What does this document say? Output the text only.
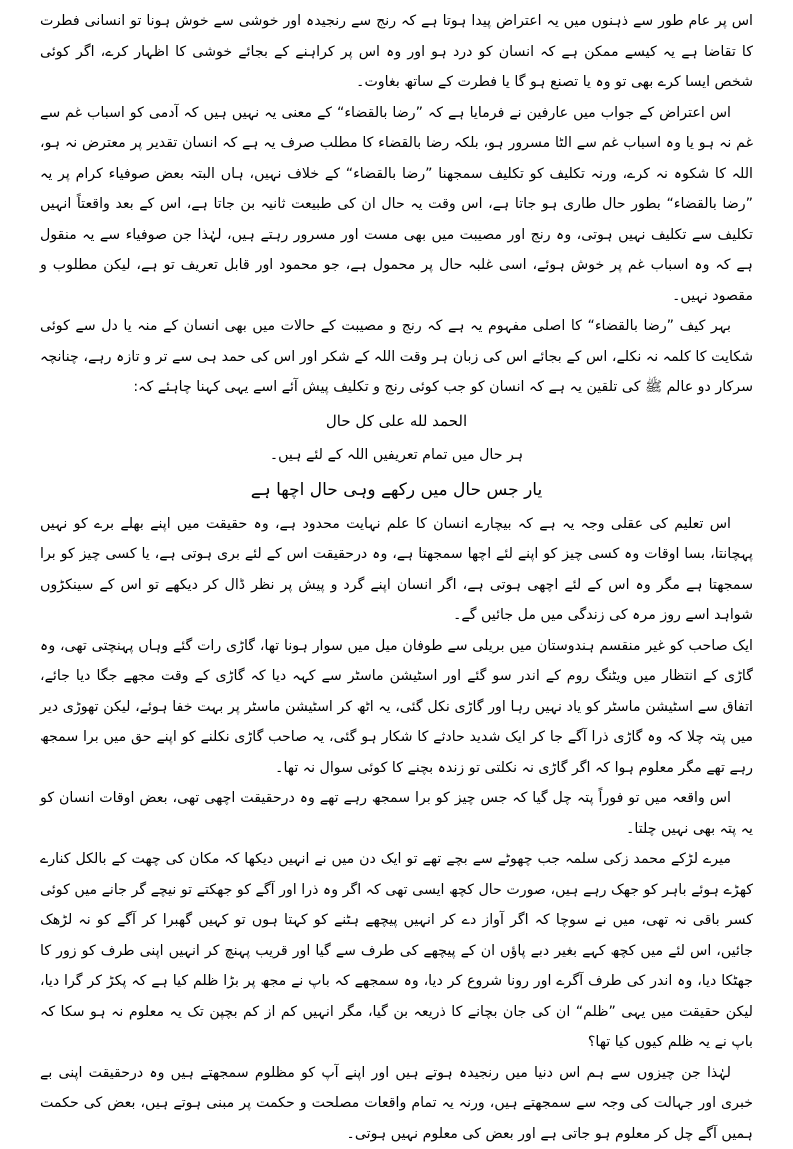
اس پر عام طور سے ذہنوں میں یہ اعتراض پیدا ہوتا ہے کہ رنج سے رنجیدہ اور خوشی سے خوش ہونا تو انسانی فطرت کا تقاضا ہے یہ کیسے ممکن ہے کہ انسان کو درد ہو اور وہ اس پر کراہنے کے بجائے خوشی کا اظہار کرے، اگر کوئی شخص ایسا کرے بھی تو وہ یا تصنع ہو گا یا فطرت کے ساتھ بغاوت۔

اس اعتراض کے جواب میں عارفین نے فرمایا ہے کہ ”رضا بالقضاء“ کے معنی یہ نہیں ہیں کہ آدمی کو اسباب غم سے غم نہ ہو یا وہ اسباب غم سے الٹا مسرور ہو، بلکہ رضا بالقضاء کا مطلب صرف یہ ہے کہ انسان تقدیر پر معترض نہ ہو، اللہ کا شکوہ نہ کرے، ورنہ تکلیف کو تکلیف سمجھنا ”رضا بالقضاء“ کے خلاف نہیں، ہاں البتہ بعض صوفیاء کرام پر یہ ”رضا بالقضاء“ بطور حال طاری ہو جاتا ہے، اس وقت یہ حال ان کی طبیعت ثانیہ بن جاتا ہے، اس کے بعد واقعتاً انہیں تکلیف سے تکلیف نہیں ہوتی، وہ رنج اور مصیبت میں بھی مست اور مسرور رہتے ہیں، لہٰذا جن صوفیاء سے یہ منقول ہے کہ وہ اسباب غم پر خوش ہوئے، اسی غلبہ حال پر محمول ہے، جو محمود اور قابل تعریف تو ہے، لیکن مطلوب و مقصود نہیں۔

بہر کیف ”رضا بالقضاء“ کا اصلی مفہوم یہ ہے کہ رنج و مصیبت کے حالات میں بھی انسان کے منہ یا دل سے کوئی شکایت کا کلمہ نہ نکلے، اس کے بجائے اس کی زبان ہر وقت اللہ کے شکر اور اس کی حمد ہی سے تر و تازہ رہے، چنانچہ سرکار دو عالم ﷺ کی تلقین یہ ہے کہ انسان کو جب کوئی رنج و تکلیف پیش آئے اسے یہی کہنا چاہئے کہ:

الحمد لله على كل حال

ہر حال میں تمام تعریفیں اللہ کے لئے ہیں۔

یار جس حال میں رکھے وہی حال اچھا ہے

اس تعلیم کی عقلی وجہ یہ ہے کہ بیچارے انسان کا علم نہایت محدود ہے، وہ حقیقت میں اپنے بھلے برے کو نہیں پہچانتا، بسا اوقات وہ کسی چیز کو اپنے لئے اچھا سمجھتا ہے، وہ درحقیقت اس کے لئے بری ہوتی ہے، یا کسی چیز کو برا سمجھتا ہے مگر وہ اس کے لئے اچھی ہوتی ہے، اگر انسان اپنے گرد و پیش پر نظر ڈال کر دیکھے تو اس کے سینکڑوں شواہد اسے روز مرہ کی زندگی میں مل جائیں گے۔

ایک صاحب کو غیر منقسم ہندوستان میں بریلی سے طوفان میل میں سوار ہونا تھا، گاڑی رات گئے وہاں پہنچتی تھی، وہ گاڑی کے انتظار میں ویٹنگ روم کے اندر سو گئے اور اسٹیشن ماسٹر سے کہہ دیا کہ گاڑی کے وقت مجھے جگا دیا جائے، اتفاق سے اسٹیشن ماسٹر کو یاد نہیں رہا اور گاڑی نکل گئی، یہ اٹھ کر اسٹیشن ماسٹر پر بہت خفا ہوئے، لیکن تھوڑی دیر میں پتہ چلا کہ وہ گاڑی ذرا آگے جا کر ایک شدید حادثے کا شکار ہو گئی، یہ صاحب گاڑی نکلنے کو اپنے حق میں برا سمجھ رہے تھے مگر معلوم ہوا کہ اگر گاڑی نہ نکلتی تو زندہ بچنے کا کوئی سوال نہ تھا۔

اس واقعہ میں تو فوراً پتہ چل گیا کہ جس چیز کو برا سمجھ رہے تھے وہ درحقیقت اچھی تھی، بعض اوقات انسان کو یہ پتہ بھی نہیں چلتا۔

میرے لڑکے محمد زکی سلمہ جب چھوٹے سے بچے تھے تو ایک دن میں نے انہیں دیکھا کہ مکان کی چھت کے بالکل کنارے کھڑے ہوئے باہر کو جھک رہے ہیں، صورت حال کچھ ایسی تھی کہ اگر وہ ذرا اور آگے کو جھکتے تو نیچے گر جانے میں کوئی کسر باقی نہ تھی، میں نے سوچا کہ اگر آواز دے کر انہیں پیچھے ہٹنے کو کہتا ہوں تو کہیں گھبرا کر آگے کو نہ لڑھک جائیں، اس لئے میں کچھ کہے بغیر دبے پاؤں ان کے پیچھے کی طرف سے گیا اور قریب پہنچ کر انہیں اپنی طرف کو زور کا جھٹکا دیا، وہ اندر کی طرف آگرے اور رونا شروع کر دیا، وہ سمجھے کہ باپ نے مجھ پر بڑا ظلم کیا ہے کہ پکڑ کر گرا دیا، لیکن حقیقت میں یہی ”ظلم“ ان کی جان بچانے کا ذریعہ بن گیا، مگر انہیں کم از کم بچپن تک یہ معلوم نہ ہو سکا کہ باپ نے یہ ظلم کیوں کیا تھا؟

لہٰذا جن چیزوں سے ہم اس دنیا میں رنجیدہ ہوتے ہیں اور اپنے آپ کو مظلوم سمجھتے ہیں وہ درحقیقت اپنی بے خبری اور جہالت کی وجہ سے سمجھتے ہیں، ورنہ یہ تمام واقعات مصلحت و حکمت پر مبنی ہوتے ہیں، بعض کی حکمت ہمیں آگے چل کر معلوم ہو جاتی ہے اور بعض کی معلوم نہیں ہوتی۔
